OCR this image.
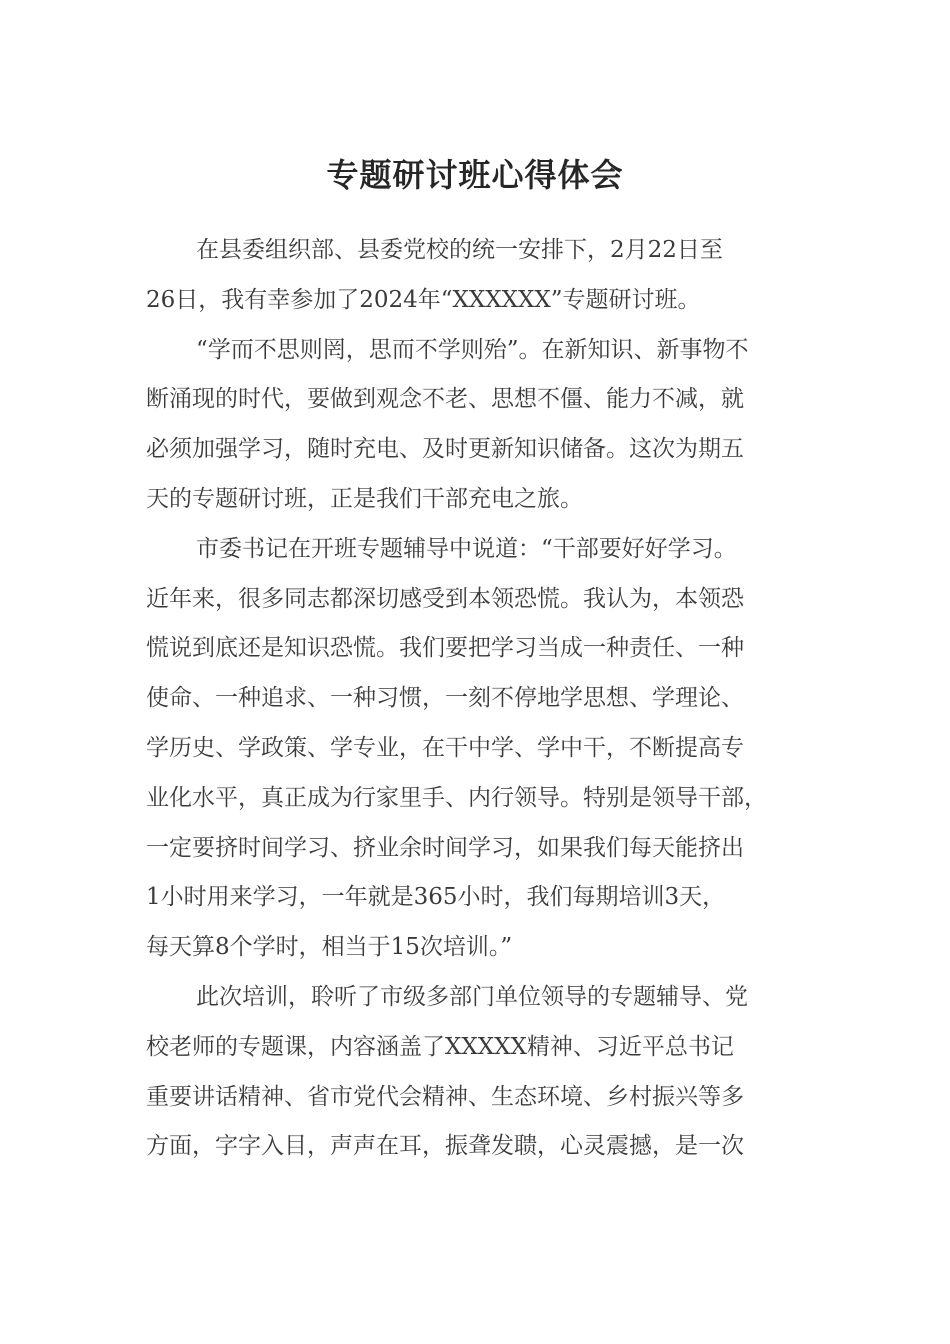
专题研讨班心得体会
在县委组织部、县委党校的统一安排下，2月22日至
26日，我有幸参加了2024年“XXXXXX”专题研讨班。
“学而不思则罔，思而不学则殆”。在新知识、新事物不
断涌现的时代，要做到观念不老、思想不僵、能力不减，就
必须加强学习，随时充电、及时更新知识储备。这次为期五
天的专题研讨班，正是我们干部充电之旅。
市委书记在开班专题辅导中说道：“干部要好好学习。
近年来，很多同志都深切感受到本领恐慌。我认为，本领恐
慌说到底还是知识恐慌。我们要把学习当成一种责任、一种
使命、一种追求、一种习惯，一刻不停地学思想、学理论、
学历史、学政策、学专业，在干中学、学中干，不断提高专
业化水平，真正成为行家里手、内行领导。特别是领导干部，
一定要挤时间学习、挤业余时间学习，如果我们每天能挤出
1小时用来学习，一年就是365小时，我们每期培训3天，
每天算8个学时，相当于15次培训。”
此次培训，聆听了市级多部门单位领导的专题辅导、党
校老师的专题课，内容涵盖了XXXXX精神、习近平总书记
重要讲话精神、省市党代会精神、生态环境、乡村振兴等多
方面，字字入目，声声在耳，振聋发聩，心灵震撼，是一次
